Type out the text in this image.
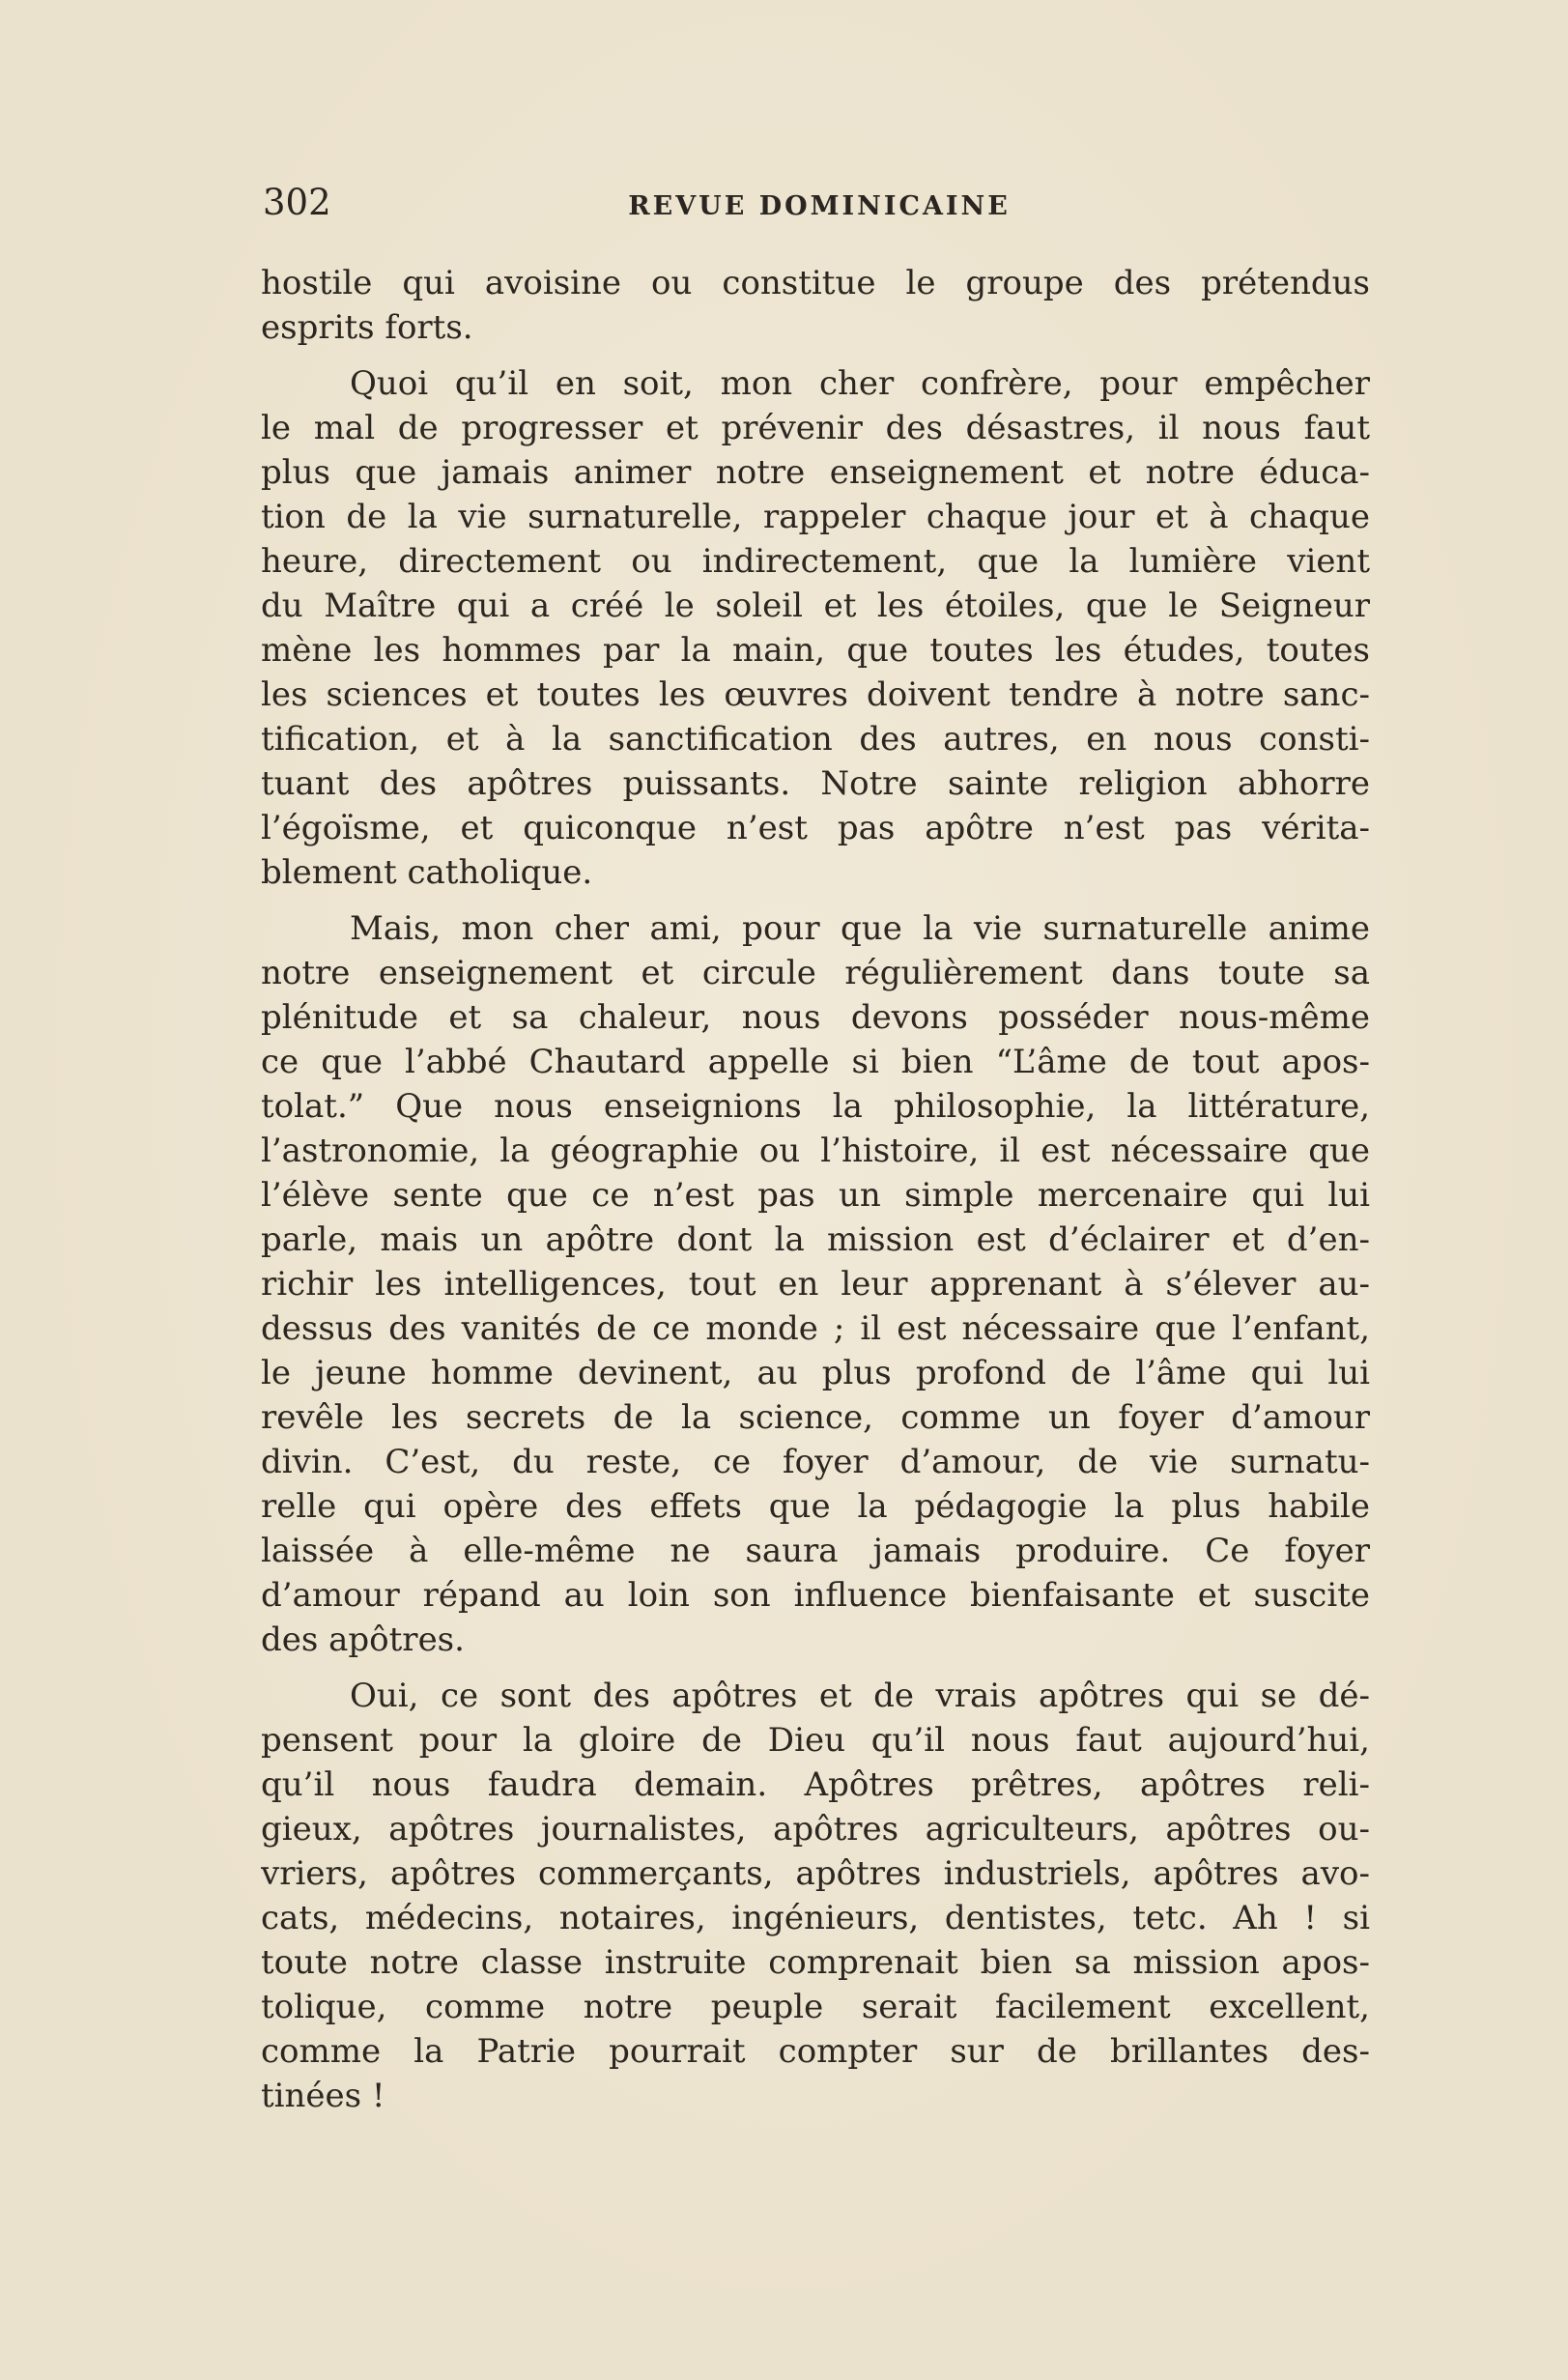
302	REVUE DOMINICAINE
hostile qui avoisine ou constitue le groupe des prétendus
esprits forts.
Quoi qu’il en soit, mon cher confrère, pour empêcher
le mal de progresser et prévenir des désastres, il nous faut
plus que jamais animer notre enseignement et notre éduca-
tion de la vie surnaturelle, rappeler chaque jour et à chaque
heure, directement ou indirectement, que la lumière vient
du Maître qui a créé le soleil et les étoiles, que le Seigneur
mène les hommes par la main, que toutes les études, toutes
les sciences et toutes les œuvres doivent tendre à notre sanc-
tification, et à la sanctification des autres, en nous consti-
tuant des apôtres puissants. Notre sainte religion abhorre
l’égoïsme, et quiconque n’est pas apôtre n’est pas vérita-
blement catholique.
Mais, mon cher ami, pour que la vie surnaturelle anime
notre enseignement et circule régulièrement dans toute sa
plénitude et sa chaleur, nous devons posséder nous-même
ce que l’abbé Chautard appelle si bien “L’âme de tout apos-
tolat.” Que nous enseignions la philosophie, la littérature,
l’astronomie, la géographie ou l’histoire, il est nécessaire que
l’élève sente que ce n’est pas un simple mercenaire qui lui
parle, mais un apôtre dont la mission est d’éclairer et d’en-
richir les intelligences, tout en leur apprenant à s’élever au-
dessus des vanités de ce monde ; il est nécessaire que l’enfant,
le jeune homme devinent, au plus profond de l’âme qui lui
revêle les secrets de la science, comme un foyer d’amour
divin. C’est, du reste, ce foyer d’amour, de vie surnatu-
relle qui opère des effets que la pédagogie la plus habile
laissée à elle-même ne saura jamais produire. Ce foyer
d’amour répand au loin son influence bienfaisante et suscite
des apôtres.
Oui, ce sont des apôtres et de vrais apôtres qui se dé-
pensent pour la gloire de Dieu qu’il nous faut aujourd’hui,
qu’il nous faudra demain. Apôtres prêtres, apôtres reli-
gieux, apôtres journalistes, apôtres agriculteurs, apôtres ou-
vriers, apôtres commerçants, apôtres industriels, apôtres avo-
cats, médecins, notaires, ingénieurs, dentistes, tetc. Ah ! si
toute notre classe instruite comprenait bien sa mission apos-
tolique, comme notre peuple serait facilement excellent,
comme la Patrie pourrait compter sur de brillantes des-
tinées !
